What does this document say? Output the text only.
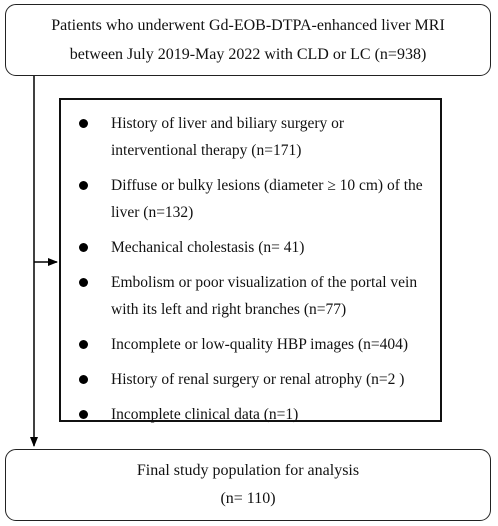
Patients who underwent Gd-EOB-DTPA-enhanced liver MRI
between July 2019-May 2022 with CLD or LC (n=938)
History of liver and biliary surgery or
interventional therapy (n=171)
Diffuse or bulky lesions (diameter ≥ 10 cm) of the
liver (n=132)
Mechanical cholestasis (n= 41)
Embolism or poor visualization of the portal vein
with its left and right branches (n=77)
Incomplete or low-quality HBP images (n=404)
History of renal surgery or renal atrophy (n=2 )
Incomplete clinical data (n=1)
Final study population for analysis
(n= 110)
